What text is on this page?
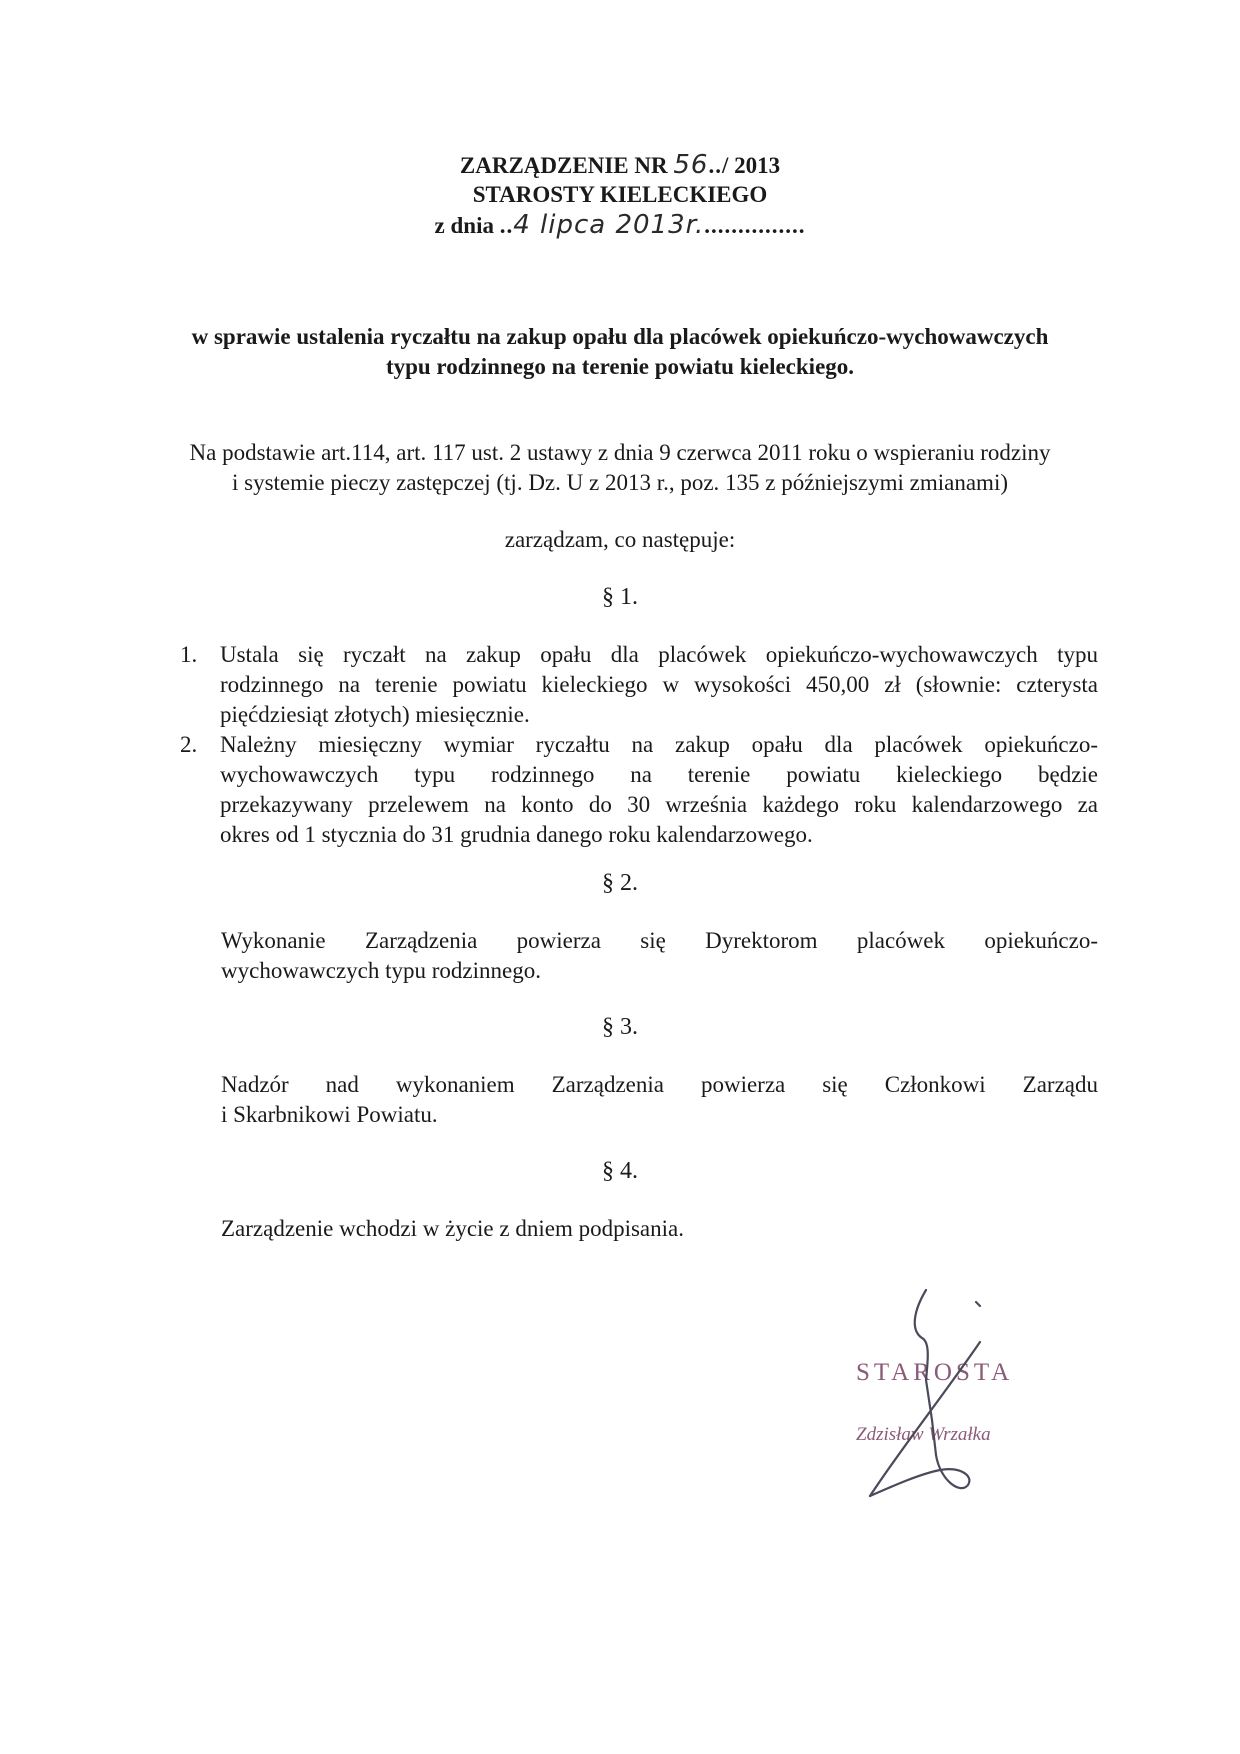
ZARZĄDZENIE NR 56../ 2013
STAROSTY KIELECKIEGO
z dnia ..4 lipca 2013r................
w sprawie ustalenia ryczałtu na zakup opału dla placówek opiekuńczo-wychowawczych
typu rodzinnego na terenie powiatu kieleckiego.
Na podstawie art.114, art. 117 ust. 2 ustawy z dnia 9 czerwca 2011 roku o wspieraniu rodziny
i systemie pieczy zastępczej (tj. Dz. U z 2013 r., poz. 135 z późniejszymi zmianami)
zarządzam, co następuje:
§ 1.
1. Ustala się ryczałt na zakup opału dla placówek opiekuńczo-wychowawczych typu
rodzinnego na terenie powiatu kieleckiego w wysokości 450,00 zł (słownie: czterysta
pięćdziesiąt złotych) miesięcznie.
2. Należny miesięczny wymiar ryczałtu na zakup opału dla placówek opiekuńczo-
wychowawczych typu rodzinnego na terenie powiatu kieleckiego będzie
przekazywany przelewem na konto do 30 września każdego roku kalendarzowego za
okres od 1 stycznia do 31 grudnia danego roku kalendarzowego.
§ 2.
Wykonanie Zarządzenia powierza się Dyrektorom placówek opiekuńczo-
wychowawczych typu rodzinnego.
§ 3.
Nadzór nad wykonaniem Zarządzenia powierza się Członkowi Zarządu
i Skarbnikowi Powiatu.
§ 4.
Zarządzenie wchodzi w życie z dniem podpisania.
STAROSTA
Zdzisław Wrzałka
